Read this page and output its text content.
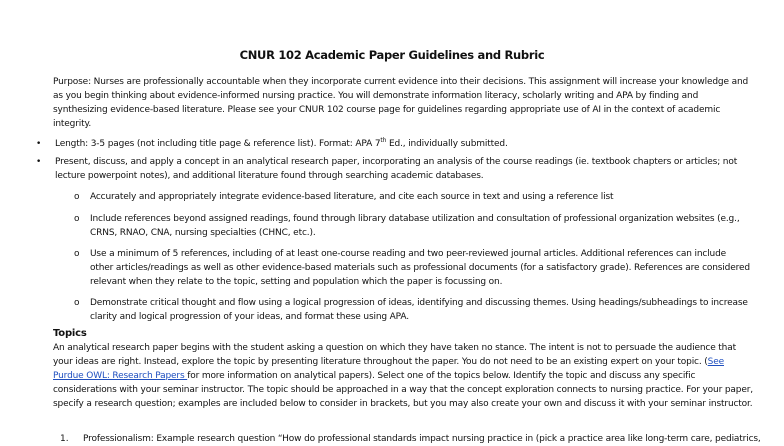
CNUR 102 Academic Paper Guidelines and Rubric

Purpose: Nurses are professionally accountable when they incorporate current evidence into their decisions. This assignment will increase your knowledge and as you begin thinking about evidence-informed nursing practice. You will demonstrate information literacy, scholarly writing and APA by finding and synthesizing evidence-based literature. Please see your CNUR 102 course page for guidelines regarding appropriate use of AI in the context of academic integrity.

• Length: 3-5 pages (not including title page & reference list). Format: APA 7th Ed., individually submitted.

• Present, discuss, and apply a concept in an analytical research paper, incorporating an analysis of the course readings (ie. textbook chapters or articles; not lecture powerpoint notes), and additional literature found through searching academic databases.

o Accurately and appropriately integrate evidence-based literature, and cite each source in text and using a reference list

o Include references beyond assigned readings, found through library database utilization and consultation of professional organization websites (e.g., CRNS, RNAO, CNA, nursing specialties (CHNC, etc.).

o Use a minimum of 5 references, including of at least one-course reading and two peer-reviewed journal articles. Additional references can include other articles/readings as well as other evidence-based materials such as professional documents (for a satisfactory grade). References are considered relevant when they relate to the topic, setting and population which the paper is focussing on.

o Demonstrate critical thought and flow using a logical progression of ideas, identifying and discussing themes. Using headings/subheadings to increase clarity and logical progression of your ideas, and format these using APA.

Topics

An analytical research paper begins with the student asking a question on which they have taken no stance. The intent is not to persuade the audience that your ideas are right. Instead, explore the topic by presenting literature throughout the paper. You do not need to be an existing expert on your topic. (See Purdue OWL: Research Papers for more information on analytical papers). Select one of the topics below. Identify the topic and discuss any specific considerations with your seminar instructor. The topic should be approached in a way that the concept exploration connects to nursing practice. For your paper, specify a research question; examples are included below to consider in brackets, but you may also create your own and discuss it with your seminar instructor.

1. Professionalism: Example research question “How do professional standards impact nursing practice in (pick a practice area like long-term care, pediatrics,
